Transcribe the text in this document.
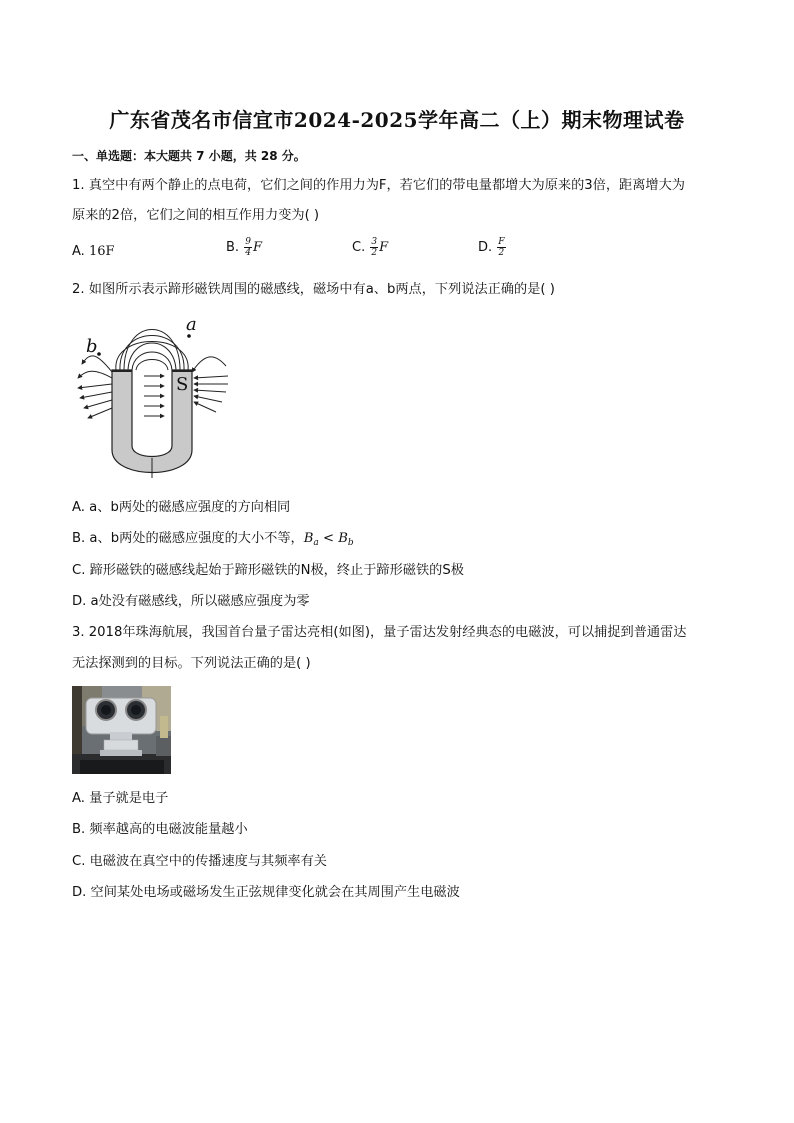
广东省茂名市信宜市2024-2025学年高二（上）期末物理试卷
一、单选题：本大题共 7 小题，共 28 分。
1. 真空中有两个静止的点电荷，它们之间的作用力为F，若它们的带电量都增大为原来的3倍，距离增大为
原来的2倍，它们之间的相互作用力变为( )
A. 16F	B. $\frac{9}{4}$ F	C. $\frac{3}{2}$ F	D. $\frac{F}{2}$
2. 如图所示表示蹄形磁铁周围的磁感线，磁场中有a、b两点，下列说法正确的是( )
a
b
S
A. a、b两处的磁感应强度的方向相同
B. a、b两处的磁感应强度的大小不等，$B_a < B_b$
C. 蹄形磁铁的磁感线起始于蹄形磁铁的N极，终止于蹄形磁铁的S极
D. a处没有磁感线，所以磁感应强度为零
3. 2018年珠海航展，我国首台量子雷达亮相(如图)，量子雷达发射经典态的电磁波，可以捕捉到普通雷达
无法探测到的目标。下列说法正确的是( )
A. 量子就是电子
B. 频率越高的电磁波能量越小
C. 电磁波在真空中的传播速度与其频率有关
D. 空间某处电场或磁场发生正弦规律变化就会在其周围产生电磁波
